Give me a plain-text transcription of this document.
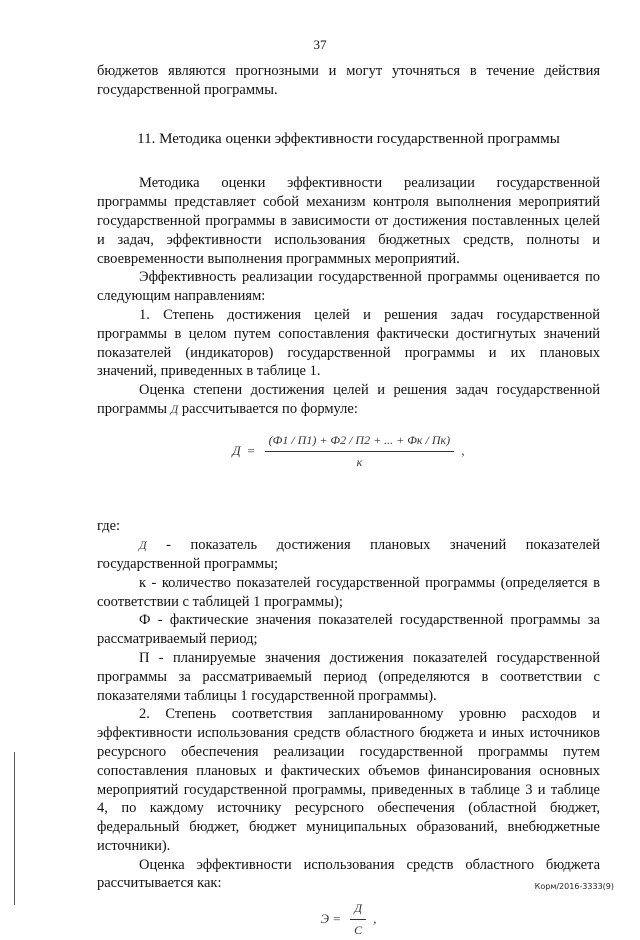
37

бюджетов являются прогнозными и могут уточняться в течение действия государственной программы.

11. Методика оценки эффективности государственной программы

Методика оценки эффективности реализации государственной программы представляет собой механизм контроля выполнения мероприятий государственной программы в зависимости от достижения поставленных целей и задач, эффективности использования бюджетных средств, полноты и своевременности выполнения программных мероприятий.

Эффективность реализации государственной программы оценивается по следующим направлениям:

1. Степень достижения целей и решения задач государственной программы в целом путем сопоставления фактически достигнутых значений показателей (индикаторов) государственной программы и их плановых значений, приведенных в таблице 1.

Оценка степени достижения целей и решения задач государственной программы Д рассчитывается по формуле:

$Д = \frac{(Ф1 / П1) + Ф2 / П2 + ... + Фк / Пк)}{к}$ ,

где:

Д - показатель достижения плановых значений показателей государственной программы;

к - количество показателей государственной программы (определяется в соответствии с таблицей 1 программы);

Ф - фактические значения показателей государственной программы за рассматриваемый период;

П - планируемые значения достижения показателей государственной программы за рассматриваемый период (определяются в соответствии с показателями таблицы 1 государственной программы).

2. Степень соответствия запланированному уровню расходов и эффективности использования средств областного бюджета и иных источников ресурсного обеспечения реализации государственной программы путем сопоставления плановых и фактических объемов финансирования основных мероприятий государственной программы, приведенных в таблице 3 и таблице 4, по каждому источнику ресурсного обеспечения (областной бюджет, федеральный бюджет, бюджет муниципальных образований, внебюджетные источники).

Оценка эффективности использования средств областного бюджета рассчитывается как:

$Э = \frac{Д}{С}$ ,
Корм/2016-3333(9)
